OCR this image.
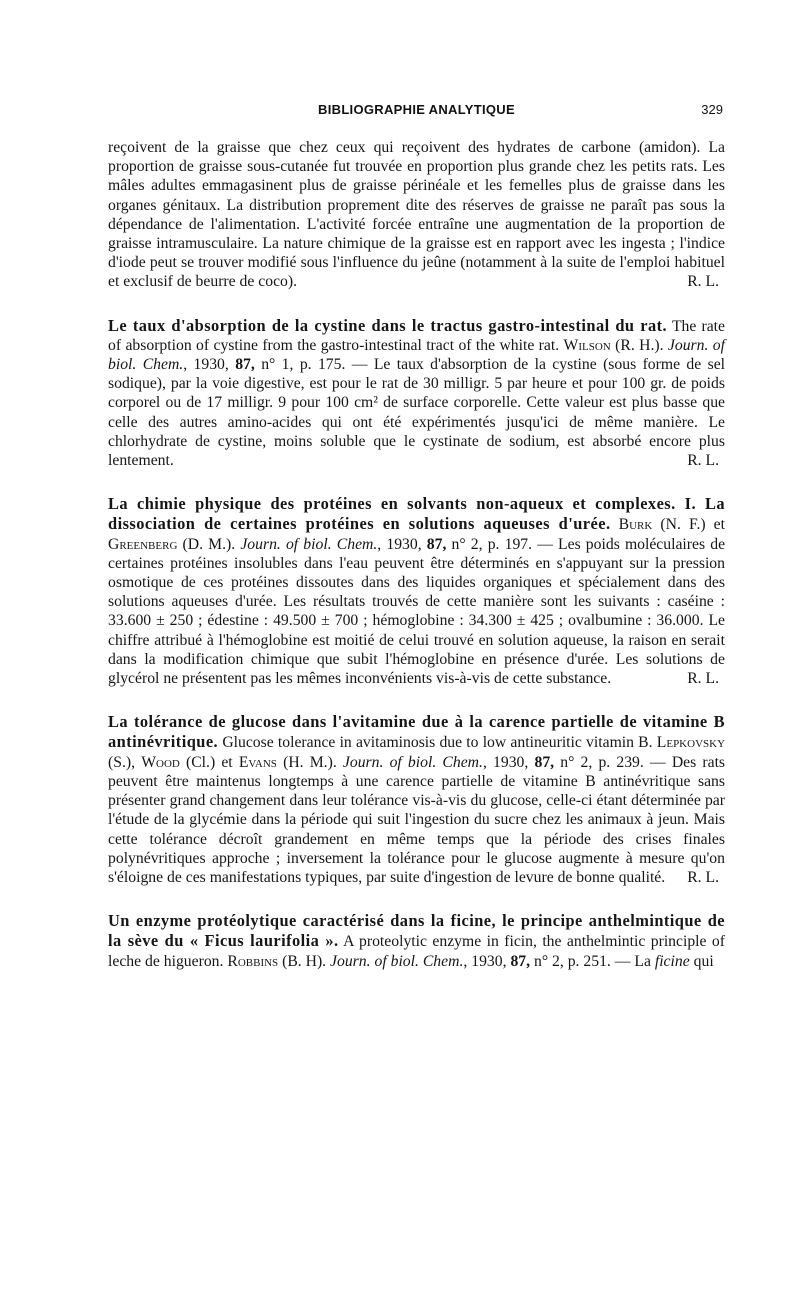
BIBLIOGRAPHIE ANALYTIQUE	329

reçoivent de la graisse que chez ceux qui reçoivent des hydrates de carbone (amidon). La proportion de graisse sous-cutanée fut trouvée en proportion plus grande chez les petits rats. Les mâles adultes emmagasinent plus de graisse périnéale et les femelles plus de graisse dans les organes génitaux. La distribution proprement dite des réserves de graisse ne paraît pas sous la dépendance de l'alimentation. L'activité forcée entraîne une augmentation de la proportion de graisse intramusculaire. La nature chimique de la graisse est en rapport avec les ingesta ; l'indice d'iode peut se trouver modifié sous l'influence du jeûne (notamment à la suite de l'emploi habituel et exclusif de beurre de coco).	R. L.

Le taux d'absorption de la cystine dans le tractus gastro-intestinal du rat. The rate of absorption of cystine from the gastro-intestinal tract of the white rat. Wilson (R. H.). Journ. of biol. Chem., 1930, 87, n° 1, p. 175. — Le taux d'absorption de la cystine (sous forme de sel sodique), par la voie digestive, est pour le rat de 30 milligr. 5 par heure et pour 100 gr. de poids corporel ou de 17 milligr. 9 pour 100 cm² de surface corporelle. Cette valeur est plus basse que celle des autres amino-acides qui ont été expérimentés jusqu'ici de même manière. Le chlorhydrate de cystine, moins soluble que le cystinate de sodium, est absorbé encore plus lentement.	R. L.

La chimie physique des protéines en solvants non-aqueux et complexes. I. La dissociation de certaines protéines en solutions aqueuses d'urée. Burk (N. F.) et Greenberg (D. M.). Journ. of biol. Chem., 1930, 87, n° 2, p. 197. — Les poids moléculaires de certaines protéines insolubles dans l'eau peuvent être déterminés en s'appuyant sur la pression osmotique de ces protéines dissoutes dans des liquides organiques et spécialement dans des solutions aqueuses d'urée. Les résultats trouvés de cette manière sont les suivants : caséine : 33.600 ± 250 ; édestine : 49.500 ± 700 ; hémoglobine : 34.300 ± 425 ; ovalbumine : 36.000. Le chiffre attribué à l'hémoglobine est moitié de celui trouvé en solution aqueuse, la raison en serait dans la modification chimique que subit l'hémoglobine en présence d'urée. Les solutions de glycérol ne présentent pas les mêmes inconvénients vis-à-vis de cette substance.	R. L.

La tolérance de glucose dans l'avitamine due à la carence partielle de vitamine B antinévritique. Glucose tolerance in avitaminosis due to low antineuritic vitamin B. Lepkovsky (S.), Wood (Cl.) et Evans (H. M.). Journ. of biol. Chem., 1930, 87, n° 2, p. 239. — Des rats peuvent être maintenus longtemps à une carence partielle de vitamine B antinévritique sans présenter grand changement dans leur tolérance vis-à-vis du glucose, celle-ci étant déterminée par l'étude de la glycémie dans la période qui suit l'ingestion du sucre chez les animaux à jeun. Mais cette tolérance décroît grandement en même temps que la période des crises finales polynévritiques approche ; inversement la tolérance pour le glucose augmente à mesure qu'on s'éloigne de ces manifestations typiques, par suite d'ingestion de levure de bonne qualité. R. L.

Un enzyme protéolytique caractérisé dans la ficine, le principe anthelmintique de la sève du « Ficus laurifolia ». A proteolytic enzyme in ficin, the anthelmintic principle of leche de higueron. Robbins (B. H). Journ. of biol. Chem., 1930, 87, n° 2, p. 251. — La ficine qui
